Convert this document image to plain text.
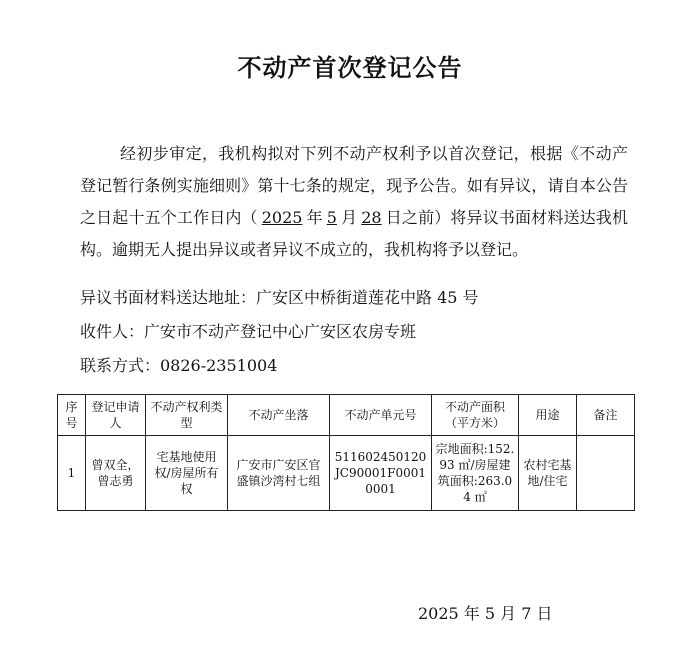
不动产首次登记公告
经初步审定，我机构拟对下列不动产权利予以首次登记，根据《不动产登记暂行条例实施细则》第十七条的规定，现予公告。如有异议，请自本公告之日起十五个工作日内（ 2025 年 5 月 28 日之前）将异议书面材料送达我机构。逾期无人提出异议或者异议不成立的，我机构将予以登记。
异议书面材料送达地址：广安区中桥街道莲花中路 45 号
收件人：广安市不动产登记中心广安区农房专班
联系方式：0826-2351004
序号	登记申请人	不动产权利类型	不动产坐落	不动产单元号	不动产面积（平方米）	用途	备注
1	曾双全，曾志勇	宅基地使用权/房屋所有权	广安市广安区官盛镇沙湾村七组	511602450120JC90001F00010001	宗地面积:152.93 ㎡/房屋建筑面积:263.04 ㎡	农村宅基地/住宅	
2025 年 5 月 7 日
